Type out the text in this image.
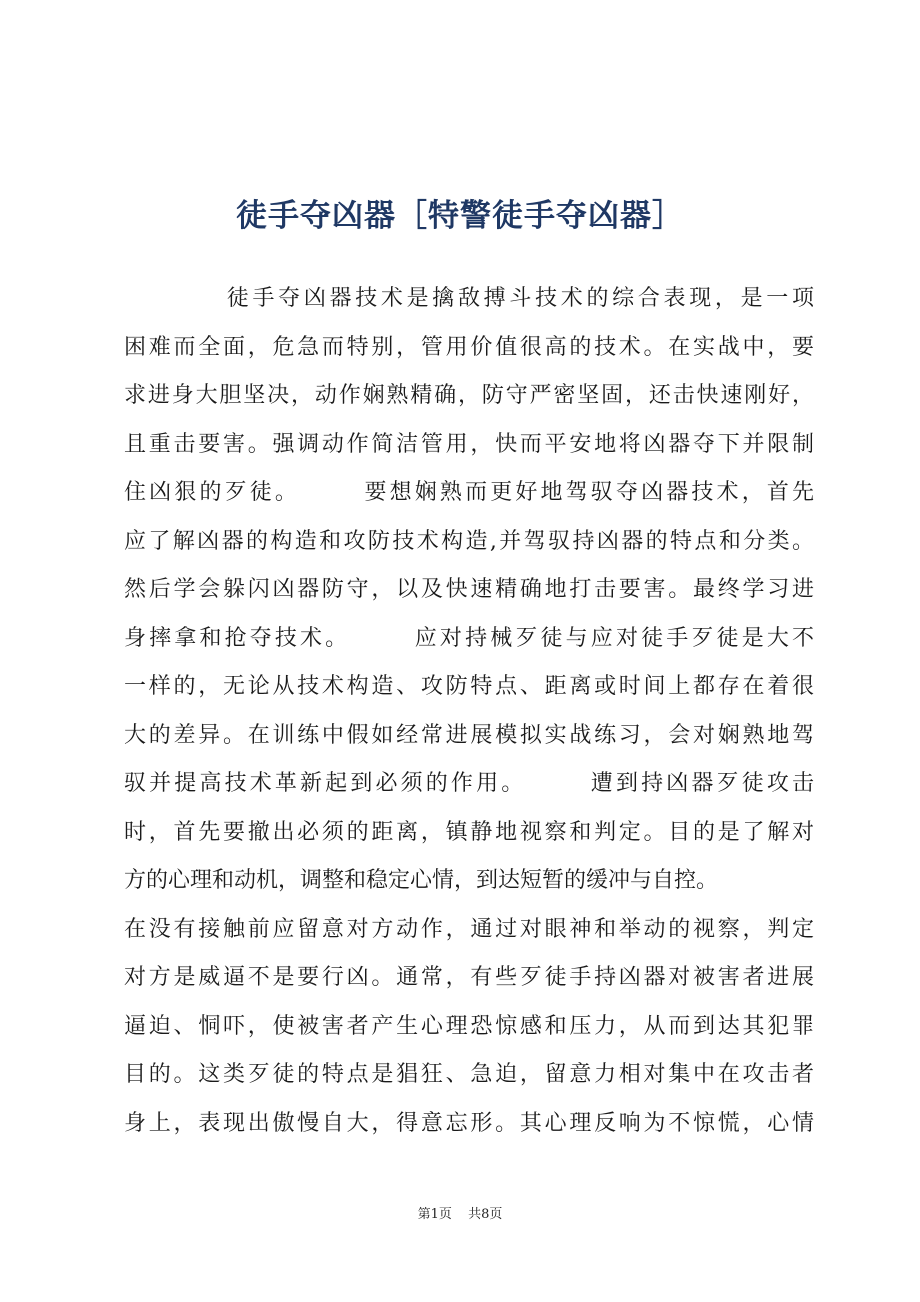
徒手夺凶器［特警徒手夺凶器］
　　　　徒手夺凶器技术是擒敌搏斗技术的综合表现，是一项
困难而全面，危急而特别，管用价值很高的技术。在实战中，要
求进身大胆坚决，动作娴熟精确，防守严密坚固，还击快速刚好，
且重击要害。强调动作简洁管用，快而平安地将凶器夺下并限制
住凶狠的歹徒。　　　要想娴熟而更好地驾驭夺凶器技术，首先
应了解凶器的构造和攻防技术构造,并驾驭持凶器的特点和分类。
然后学会躲闪凶器防守，以及快速精确地打击要害。最终学习进
身摔拿和抢夺技术。　　　应对持械歹徒与应对徒手歹徒是大不
一样的，无论从技术构造、攻防特点、距离或时间上都存在着很
大的差异。在训练中假如经常进展模拟实战练习，会对娴熟地驾
驭并提高技术革新起到必须的作用。　　　遭到持凶器歹徒攻击
时，首先要撤出必须的距离，镇静地视察和判定。目的是了解对
方的心理和动机，调整和稳定心情，到达短暂的缓冲与自控。
在没有接触前应留意对方动作，通过对眼神和举动的视察，判定
对方是威逼不是要行凶。通常，有些歹徒手持凶器对被害者进展
逼迫、恫吓，使被害者产生心理恐惊感和压力，从而到达其犯罪
目的。这类歹徒的特点是猖狂、急迫，留意力相对集中在攻击者
身上，表现出傲慢自大，得意忘形。其心理反响为不惊慌，心情
第1页 共8页
